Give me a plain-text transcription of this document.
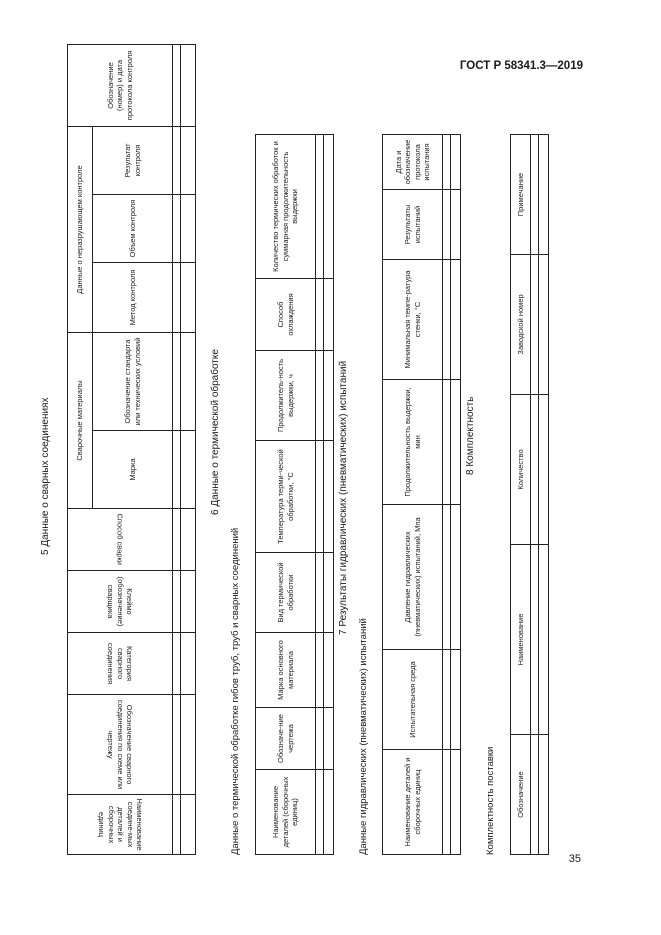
ГОСТ Р 58341.3—2019
35
5 Данные о сварных соединениях
Наименование соедине-мых деталей и сборочных единиц	Обозначение сварного соединения по схеме или чертежу	Категория сварного соединения	Клеймо (обозначение) сварщика	Способ сварки	Сварочные материалы		Данные о неразрушающем контроле			Обозначение (номер) и дата протокола контроля
					Марка	Обозначение стандарта или технических условий	Метод контроля	Объем контроля	Результат контроля	

6 Данные о термической обработке
Данные о термической обработке гибов труб, труб и сварных соединений	Наименование деталей (сборочных единиц)	Обозначе-ние чертежа	Марка основного материала	Вид термической обработки	Температура терми-ческой обработки, °С	Продолжитель-ность выдержки, ч	Способ охлаждения	Количество термических обработок и суммарная продолжительность выдержки

7 Результаты гидравлических (пневматических) испытаний
Данные гидравлических (пневматических) испытаний	Наименование деталей и сборочных единиц	Испытательная среда	Давление гидравлических (пневматических) испытаний, Мпа	Продолжительность выдержки, мин	Минимальная темпе-ратура стенки, °С	Результаты испытаний	Дата и обозначение протокола испытания

8 Комплектность
Комплектность поставки	Обозначение	Наименование	Количество	Заводской номер	Примечание
